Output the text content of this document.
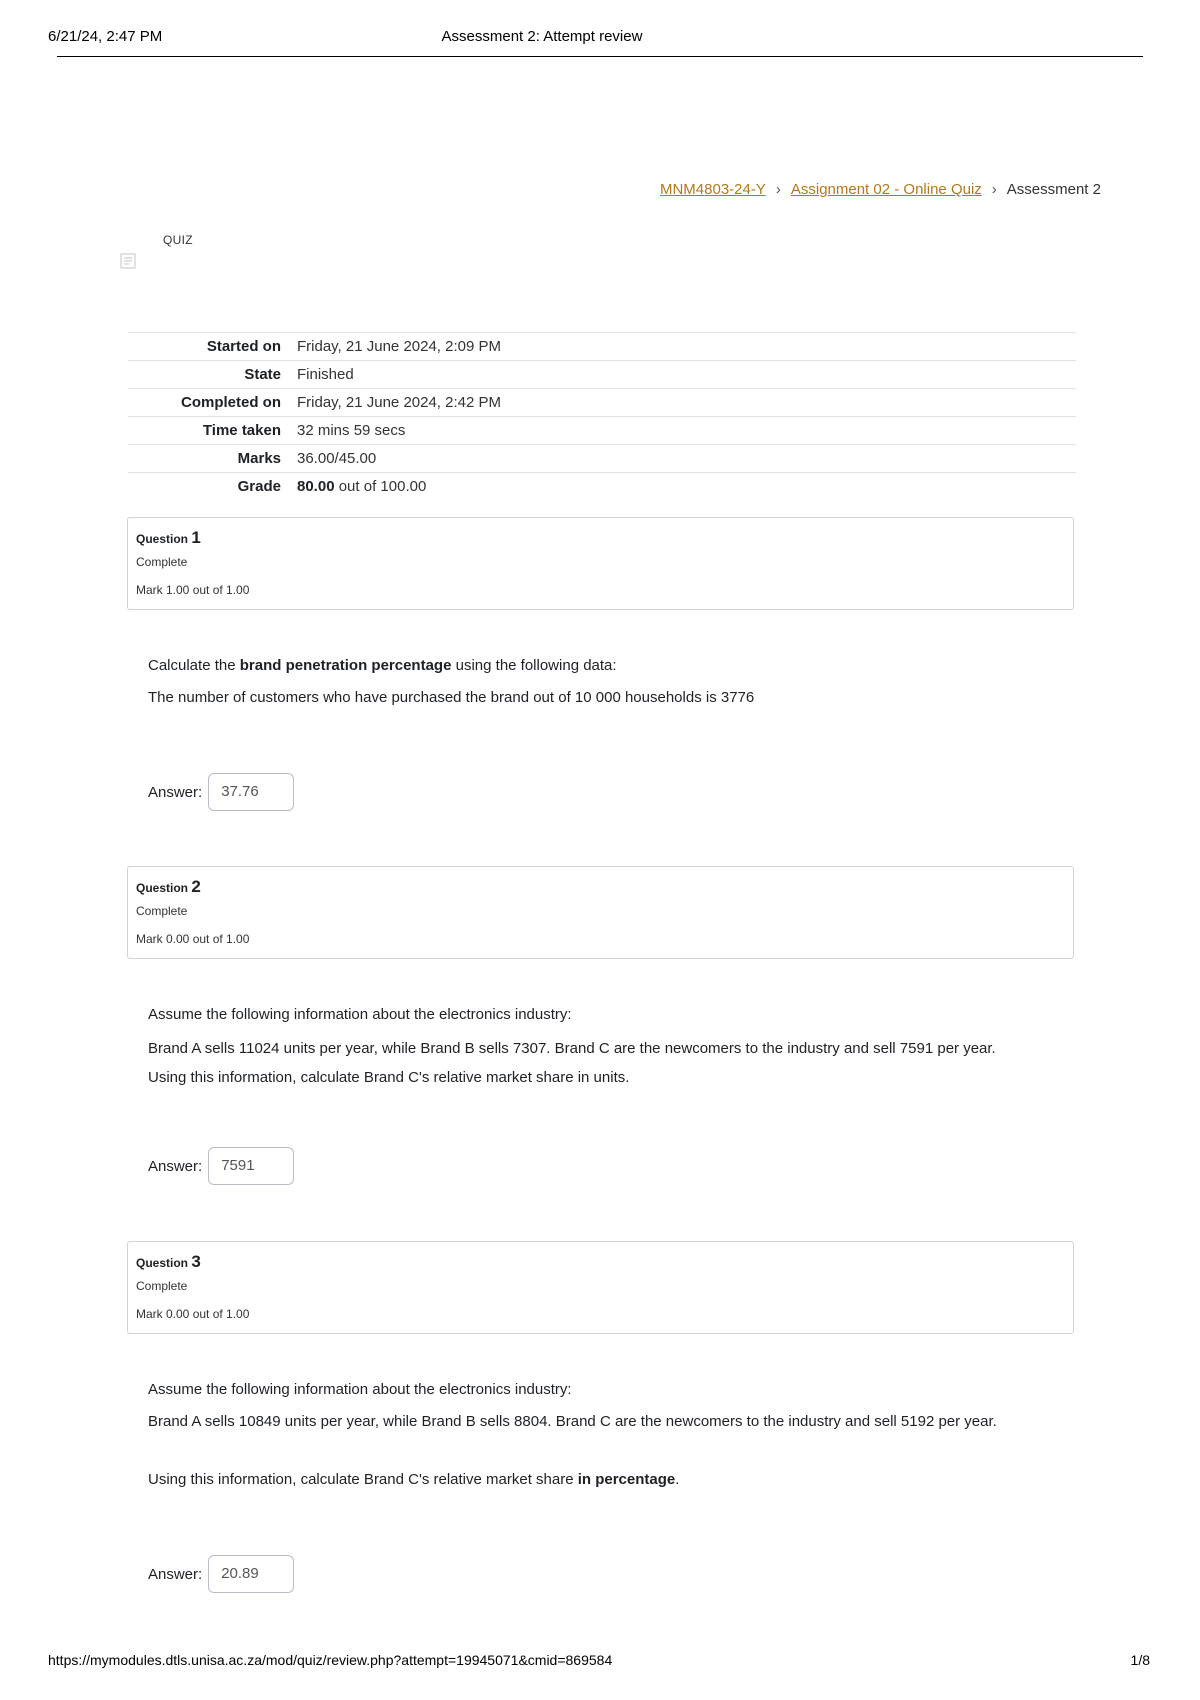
6/21/24, 2:47 PM	Assessment 2: Attempt review
MNM4803-24-Y › Assignment 02 - Online Quiz › Assessment 2
QUIZ
Started on	Friday, 21 June 2024, 2:09 PM
State	Finished
Completed on	Friday, 21 June 2024, 2:42 PM
Time taken	32 mins 59 secs
Marks	36.00/45.00
Grade	80.00 out of 100.00
Question 1
Complete
Mark 1.00 out of 1.00

Calculate the brand penetration percentage using the following data:

The number of customers who have purchased the brand out of 10 000 households is 3776

Answer:	37.76
Question 2
Complete
Mark 0.00 out of 1.00

Assume the following information about the electronics industry:

Brand A sells 11024 units per year, while Brand B sells 7307. Brand C are the newcomers to the industry and sell 7591 per year.

Using this information, calculate Brand C's relative market share in units.

Answer:	7591
Question 3
Complete
Mark 0.00 out of 1.00

Assume the following information about the electronics industry:

Brand A sells 10849 units per year, while Brand B sells 8804. Brand C are the newcomers to the industry and sell 5192 per year.

Using this information, calculate Brand C's relative market share in percentage.

Answer:	20.89
https://mymodules.dtls.unisa.ac.za/mod/quiz/review.php?attempt=19945071&cmid=869584	1/8
